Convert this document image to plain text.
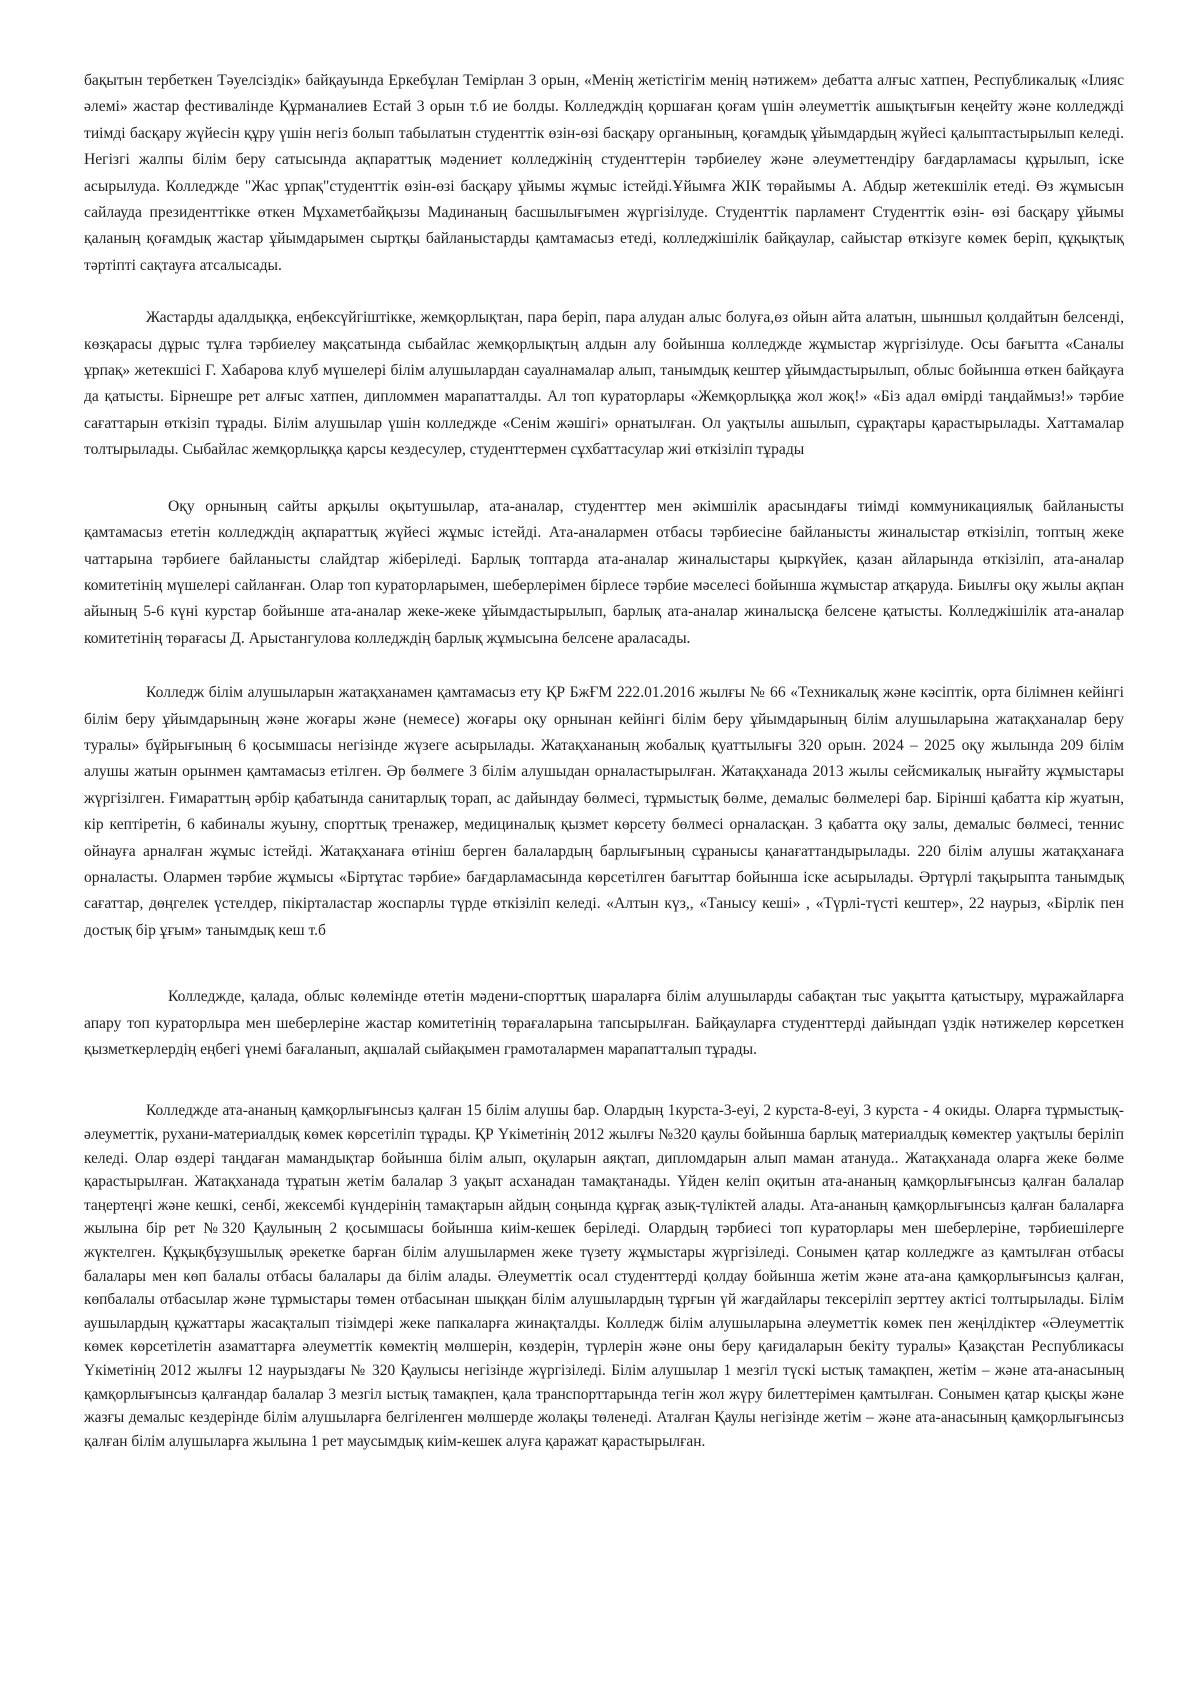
бақытын тербеткен Тәуелсіздік» байқауында Еркебұлан Темірлан 3 орын, «Менің жетістігім менің нәтижем» дебатта алғыс хатпен, Республикалық «Ілияс әлемі» жастар фестивалінде Құрманалиев Естай 3 орын т.б ие болды. Колледждің қоршаған қоғам үшін әлеуметтік ашықтығын кеңейту және колледжді тиімді басқару жүйесін құру үшін негіз болып табылатын студенттік өзін-өзі басқару органының, қоғамдық ұйымдардың жүйесі қалыптастырылып келеді. Негізгі жалпы білім беру сатысында ақпараттық мәдениет колледжінің студенттерін тәрбиелеу және әлеуметтендіру бағдарламасы құрылып, іске асырылуда. Колледжде "Жас ұрпақ"студенттік өзін-өзі басқару ұйымы жұмыс істейді.Ұйымға ЖІК төрайымы А. Абдыр жетекшілік етеді. Өз жұмысын сайлауда президенттікке өткен Мұхаметбайқызы Мадинаның басшылығымен жүргізілуде. Студенттік парламент Студенттік өзін- өзі басқару ұйымы қаланың қоғамдық жастар ұйымдарымен сыртқы байланыстарды қамтамасыз етеді, колледжішілік байқаулар, сайыстар өткізуге көмек беріп, құқықтық тәртіпті сақтауға атсалысады.

Жастарды адалдыққа, еңбексүйгіштікке, жемқорлықтан, пара беріп, пара алудан алыс болуға,өз ойын айта алатын, шыншыл қолдайтын белсенді, көзқарасы дұрыс тұлға тәрбиелеу мақсатында сыбайлас жемқорлықтың алдын алу бойынша колледжде жұмыстар жүргізілуде. Осы бағытта «Саналы ұрпақ» жетекшісі Г. Хабарова клуб мүшелері білім алушылардан сауалнамалар алып, танымдық кештер ұйымдастырылып, облыс бойынша өткен байқауға да қатысты. Бірнешре рет алғыс хатпен, дипломмен марапатталды. Ал топ кураторлары «Жемқорлыққа жол жоқ!» «Біз адал өмірді таңдаймыз!» тәрбие сағаттарын өткізіп тұрады. Білім алушылар үшін колледжде «Сенім жәшігі» орнатылған. Ол уақтылы ашылып, сұрақтары қарастырылады. Хаттамалар толтырылады. Сыбайлас жемқорлыққа қарсы кездесулер, студенттермен сұхбаттасулар жиі өткізіліп тұрады

Оқу орнының сайты арқылы оқытушылар, ата-аналар, студенттер мен әкімшілік арасындағы тиімді коммуникациялық байланысты қамтамасыз ететін колледждің ақпараттық жүйесі жұмыс істейді. Ата-аналармен отбасы тәрбиесіне байланысты жиналыстар өткізіліп, топтың жеке чаттарына тәрбиеге байланысты слайдтар жіберіледі. Барлық топтарда ата-аналар жиналыстары қыркүйек, қазан айларында өткізіліп, ата-аналар комитетінің мүшелері сайланған. Олар топ кураторларымен, шеберлерімен бірлесе тәрбие мәселесі бойынша жұмыстар атқаруда. Биылғы оқу жылы ақпан айының 5-6 күні курстар бойынше ата-аналар жеке-жеке ұйымдастырылып, барлық ата-аналар жиналысқа белсене қатысты. Колледжішілік ата-аналар комитетінің төрағасы Д. Арыстангулова колледждің барлық жұмысына белсене араласады.

Колледж білім алушыларын жатақханамен қамтамасыз ету ҚР БжҒМ 222.01.2016 жылғы № 66 «Техникалық және кәсіптік, орта білімнен кейінгі білім беру ұйымдарының және жоғары және (немесе) жоғары оқу орнынан кейінгі білім беру ұйымдарының білім алушыларына жатақханалар беру туралы» бұйрығының 6 қосымшасы негізінде жүзеге асырылады. Жатақхананың жобалық қуаттылығы 320 орын. 2024 – 2025 оқу жылында 209 білім алушы жатын орынмен қамтамасыз етілген. Әр бөлмеге 3 білім алушыдан орналастырылған. Жатақханада 2013 жылы сейсмикалық нығайту жұмыстары жүргізілген. Ғимараттың әрбір қабатында санитарлық торап, ас дайындау бөлмесі, тұрмыстық бөлме, демалыс бөлмелері бар. Бірінші қабатта кір жуатын, кір кептіретін, 6 кабиналы жуыну, спорттық тренажер, медициналық қызмет көрсету бөлмесі орналасқан. 3 қабатта оқу залы, демалыс бөлмесі, теннис ойнауға арналған жұмыс істейді. Жатақханаға өтініш берген балалардың барлығының сұранысы қанағаттандырылады. 220 білім алушы жатақханаға орналасты. Олармен тәрбие жұмысы «Біртұтас тәрбие» бағдарламасында көрсетілген бағыттар бойынша іске асырылады. Әртүрлі тақырыпта танымдық сағаттар, дөңгелек үстелдер, пікірталастар жоспарлы түрде өткізіліп келеді. «Алтын күз,, «Танысу кеші» , «Түрлі-түсті кештер», 22 наурыз, «Бірлік пен достық бір ұғым» танымдық кеш т.б

Колледжде, қалада, облыс көлемінде өтетін мәдени-спорттық шараларға білім алушыларды сабақтан тыс уақытта қатыстыру, мұражайларға апару топ кураторлыра мен шеберлеріне жастар комитетінің төрағаларына тапсырылған. Байқауларға студенттерді дайындап үздік нәтижелер көрсеткен қызметкерлердің еңбегі үнемі бағаланып, ақшалай сыйақымен грамоталармен марапатталып тұрады.

Колледжде ата-ананың қамқорлығынсыз қалған 15 білім алушы бар. Олардың 1курста-3-еуі, 2 курста-8-еуі, 3 курста - 4 окиды. Оларға тұрмыстық-әлеуметтік, рухани-материалдық көмек көрсетіліп тұрады. ҚР Үкіметінің 2012 жылғы №320 қаулы бойынша барлық материалдық көмектер уақтылы беріліп келеді. Олар өздері таңдаған мамандықтар бойынша білім алып, оқуларын аяқтап, дипломдарын алып маман атануда.. Жатақханада оларға жеке бөлме қарастырылған. Жатақханада тұратын жетім балалар 3 уақыт асханадан тамақтанады. Үйден келіп оқитын ата-ананың қамқорлығынсыз қалған балалар таңертеңгі және кешкі, сенбі, жексембі күндерінің тамақтарын айдың соңында құрғақ азық-түліктей алады. Ата-ананың қамқорлығынсыз қалған балаларға жылына бір рет №320 Қаулының 2 қосымшасы бойынша киім-кешек беріледі. Олардың тәрбиесі топ кураторлары мен шеберлеріне, тәрбиешілерге жүктелген. Құқықбұзушылық әрекетке барған білім алушылармен жеке түзету жұмыстары жүргізіледі. Сонымен қатар колледжге аз қамтылған отбасы балалары мен көп балалы отбасы балалары да білім алады. Әлеуметтік осал студенттерді қолдау бойынша жетім және ата-ана қамқорлығынсыз қалған, көпбалалы отбасылар және тұрмыстары төмен отбасынан шыққан білім алушылардың тұрғын үй жағдайлары тексеріліп зерттеу актісі толтырылады. Білім аушылардың құжаттары жасақталып тізімдері жеке папкаларға жинақталды. Колледж білім алушыларына әлеуметтік көмек пен жеңілдіктер «Әлеуметтік көмек көрсетілетін азаматтарға әлеуметтік көмектің мөлшерін, көздерін, түрлерін және оны беру қағидаларын бекіту туралы» Қазақстан Республикасы Үкіметінің 2012 жылғы 12 наурыздағы № 320 Қаулысы негізінде жүргізіледі. Білім алушылар 1 мезгіл түскі ыстық тамақпен, жетім – және ата-анасының қамқорлығынсыз қалғандар балалар 3 мезгіл ыстық тамақпен, қала транспорттарында тегін жол жүру билеттерімен қамтылған. Сонымен қатар қысқы және жазғы демалыс кездерінде білім алушыларға белгіленген мөлшерде жолақы төленеді. Аталған Қаулы негізінде жетім – және ата-анасының қамқорлығынсыз қалған білім алушыларға жылына 1 рет маусымдық киім-кешек алуға қаражат қарастырылған.
